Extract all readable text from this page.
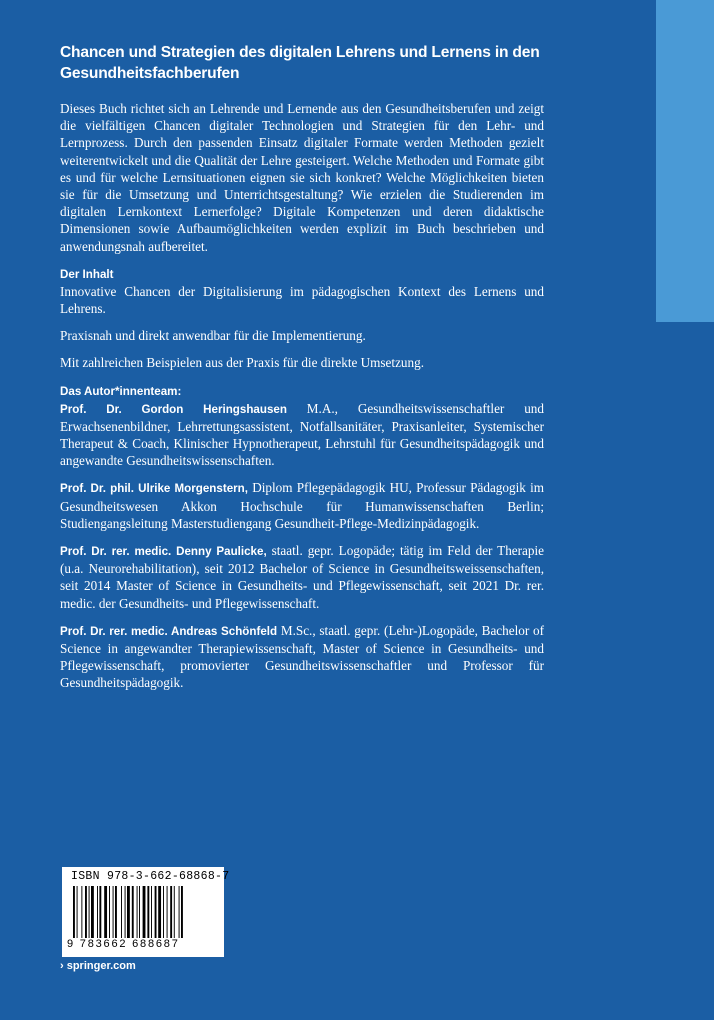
Chancen und Strategien des digitalen Lehrens und Lernens in den Gesundheitsfachberufen

Dieses Buch richtet sich an Lehrende und Lernende aus den Gesundheitsberufen und zeigt die vielfältigen Chancen digitaler Technologien und Strategien für den Lehr- und Lernprozess. Durch den passenden Einsatz digitaler Formate werden Methoden gezielt weiterentwickelt und die Qualität der Lehre gesteigert. Welche Methoden und Formate gibt es und für welche Lernsituationen eignen sie sich konkret? Welche Möglichkeiten bieten sie für die Umsetzung und Unterrichtsgestaltung? Wie erzielen die Studierenden im digitalen Lernkontext Lernerfolge? Digitale Kompetenzen und deren didaktische Dimensionen sowie Aufbaumöglichkeiten werden explizit im Buch beschrieben und anwendungsnah aufbereitet.

Der Inhalt

Innovative Chancen der Digitalisierung im pädagogischen Kontext des Lernens und Lehrens.

Praxisnah und direkt anwendbar für die Implementierung.

Mit zahlreichen Beispielen aus der Praxis für die direkte Umsetzung.

Das Autor*innenteam:

Prof. Dr. Gordon Heringshausen M.A., Gesundheitswissenschaftler und Erwachsenenbildner, Lehrrettungsassistent, Notfallsanitäter, Praxisanleiter, Systemischer Therapeut & Coach, Klinischer Hypnotherapeut, Lehrstuhl für Gesundheitspädagogik und angewandte Gesundheitswissenschaften.

Prof. Dr. phil. Ulrike Morgenstern, Diplom Pflegepädagogik HU, Professur Pädagogik im Gesundheitswesen Akkon Hochschule für Humanwissenschaften Berlin; Studiengangsleitung Masterstudiengang Gesundheit-Pflege-Medizinpädagogik.

Prof. Dr. rer. medic. Denny Paulicke, staatl. gepr. Logopäde; tätig im Feld der Therapie (u.a. Neurorehabilitation), seit 2012 Bachelor of Science in Gesundheitsweissenschaften, seit 2014 Master of Science in Gesundheits- und Pflegewissenschaft, seit 2021 Dr. rer. medic. der Gesundheits- und Pflegewissenschaft.

Prof. Dr. rer. medic. Andreas Schönfeld M.Sc., staatl. gepr. (Lehr-)Logopäde, Bachelor of Science in angewandter Therapiewissenschaft, Master of Science in Gesundheits- und Pflegewissenschaft, promovierter Gesundheitswissenschaftler und Professor für Gesundheitspädagogik.

ISBN 978-3-662-68868-7
9 783662 688687
› springer.com
